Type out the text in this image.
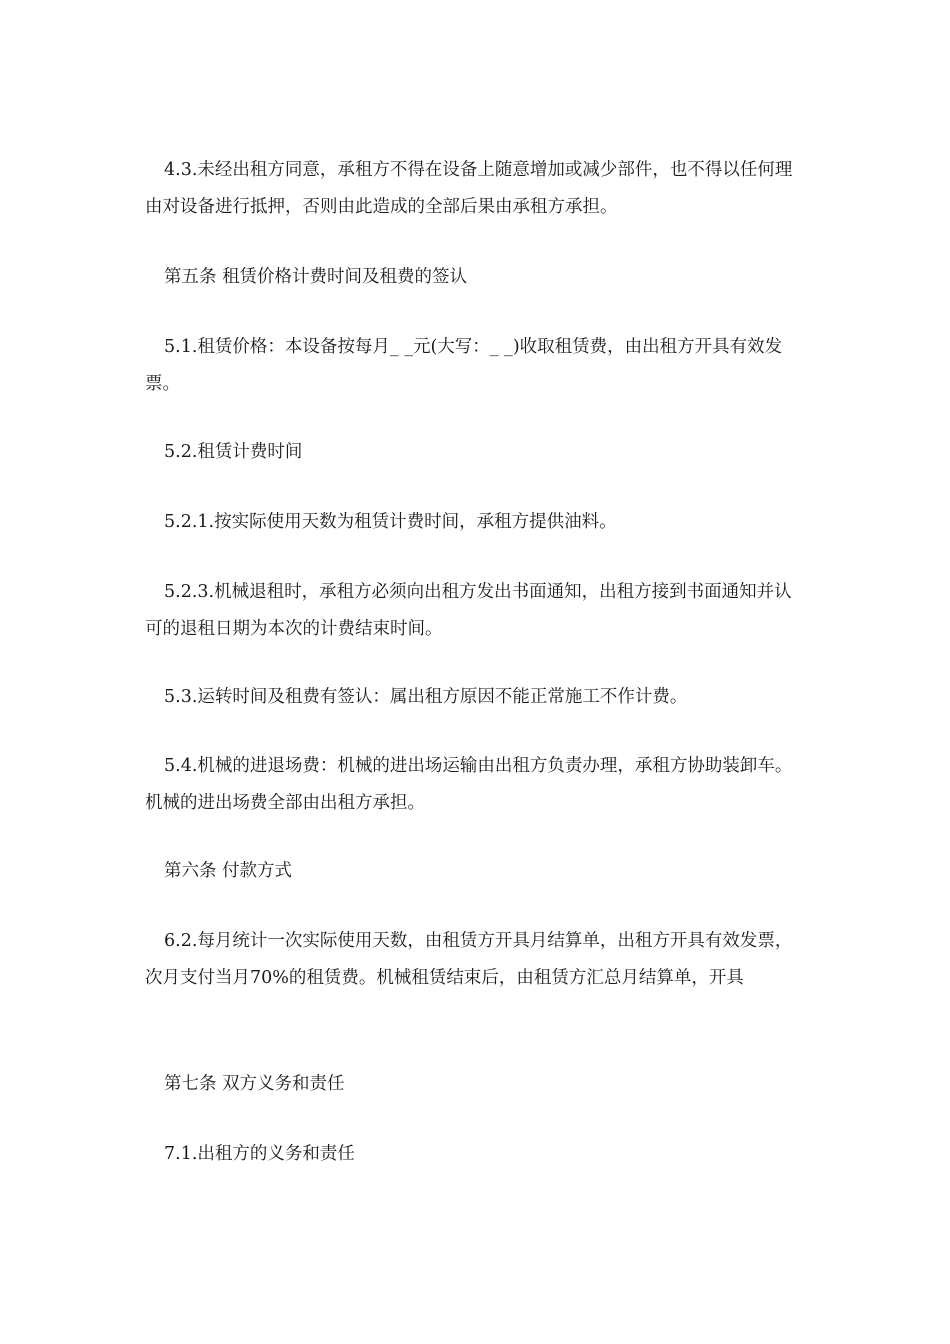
4.3.未经出租方同意，承租方不得在设备上随意增加或减少部件，也不得以任何理由对设备进行抵押，否则由此造成的全部后果由承租方承担。

第五条 租赁价格计费时间及租费的签认

5.1.租赁价格：本设备按每月_ _元(大写：_ _)收取租赁费，由出租方开具有效发票。

5.2.租赁计费时间

5.2.1.按实际使用天数为租赁计费时间，承租方提供油料。

5.2.3.机械退租时，承租方必须向出租方发出书面通知，出租方接到书面通知并认可的退租日期为本次的计费结束时间。

5.3.运转时间及租费有签认：属出租方原因不能正常施工不作计费。

5.4.机械的进退场费：机械的进出场运输由出租方负责办理，承租方协助装卸车。机械的进出场费全部由出租方承担。

第六条 付款方式

6.2.每月统计一次实际使用天数，由租赁方开具月结算单，出租方开具有效发票，次月支付当月70%的租赁费。机械租赁结束后，由租赁方汇总月结算单，开具

第七条 双方义务和责任

7.1.出租方的义务和责任
